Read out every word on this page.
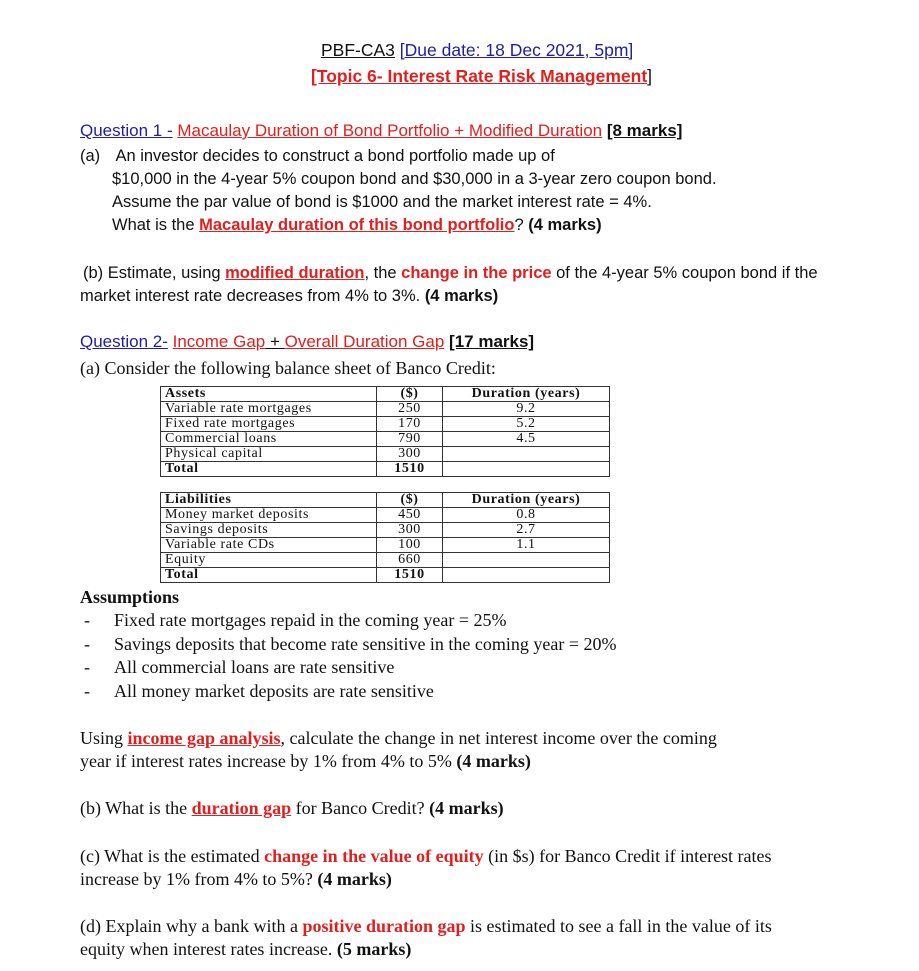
PBF-CA3 [Due date: 18 Dec 2021, 5pm]
[Topic 6- Interest Rate Risk Management]
Question 1 - Macaulay Duration of Bond Portfolio + Modified Duration [8 marks]
(a) An investor decides to construct a bond portfolio made up of
$10,000 in the 4-year 5% coupon bond and $30,000 in a 3-year zero coupon bond.
Assume the par value of bond is $1000 and the market interest rate = 4%.
What is the Macaulay duration of this bond portfolio? (4 marks)
(b) Estimate, using modified duration, the change in the price of the 4-year 5% coupon bond if the
market interest rate decreases from 4% to 3%. (4 marks)
Question 2- Income Gap + Overall Duration Gap [17 marks]
(a) Consider the following balance sheet of Banco Credit:
Assets	($)	Duration (years)
Variable rate mortgages	250	9.2
Fixed rate mortgages	170	5.2
Commercial loans	790	4.5
Physical capital	300	
Total	1510	
Liabilities	($)	Duration (years)
Money market deposits	450	0.8
Savings deposits	300	2.7
Variable rate CDs	100	1.1
Equity	660	
Total	1510	
Assumptions
- Fixed rate mortgages repaid in the coming year = 25%
- Savings deposits that become rate sensitive in the coming year = 20%
- All commercial loans are rate sensitive
- All money market deposits are rate sensitive
Using income gap analysis, calculate the change in net interest income over the coming
year if interest rates increase by 1% from 4% to 5% (4 marks)
(b) What is the duration gap for Banco Credit? (4 marks)
(c) What is the estimated change in the value of equity (in $s) for Banco Credit if interest rates
increase by 1% from 4% to 5%? (4 marks)
(d) Explain why a bank with a positive duration gap is estimated to see a fall in the value of its
equity when interest rates increase. (5 marks)
